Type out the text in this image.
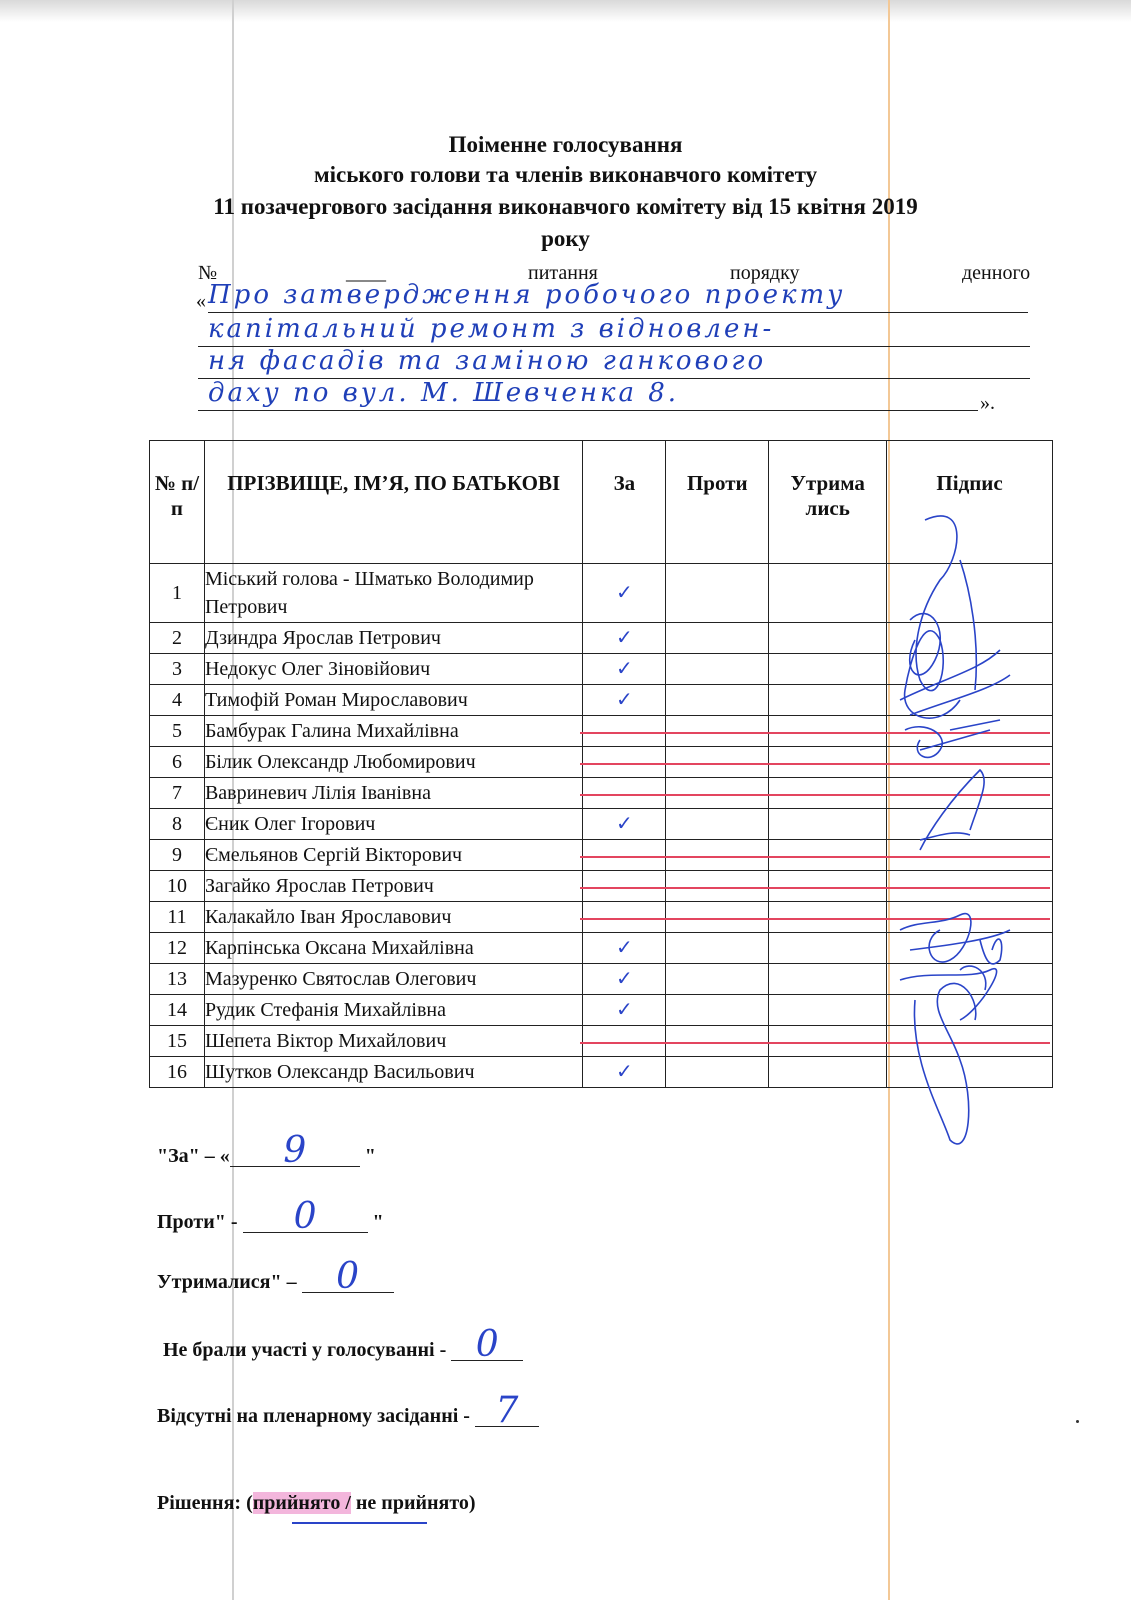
Поіменне голосування
міського голови та членів виконавчого комітету
11 позачергового засідання виконавчого комітету від 15 квітня 2019
року
№	____	питання	порядку	денного
« Про затвердження робочого проекту
капітальний ремонт з відновлен-
ня фасадів та заміною ганкового
даху по вул. М. Шевченка 8.	».
№ п/п	ПРІЗВИЩЕ, ІМ’Я, ПО БАТЬКОВІ	За	Проти	Утрима лись	Підпис
1	Міський голова - Шматько Володимир Петрович	✓			
2	Дзиндра Ярослав Петрович	✓			
3	Недокус Олег Зіновійович	✓			
4	Тимофій Роман Мирославович	✓			
5	Бамбурак Галина Михайлівна				
6	Білик Олександр Любомирович				
7	Вавриневич Лілія Іванівна				
8	Єник Олег Ігорович	✓			
9	Ємельянов Сергій Вікторович				
10	Загайко Ярослав Петрович				
11	Калакайло Іван Ярославович				
12	Карпінська Оксана Михайлівна	✓			
13	Мазуренко Святослав Олегович	✓			
14	Рудик Стефанія Михайлівна	✓			
15	Шепета Віктор Михайлович				
16	Шутков Олександр Васильович	✓			
"За" – « 9	"
Проти" - 0	"
Утрималися" – 0
Не брали участі у голосуванні - 0
Відсутні на пленарному засіданні - 7
Рішення: (прийнято / не прийнято)
